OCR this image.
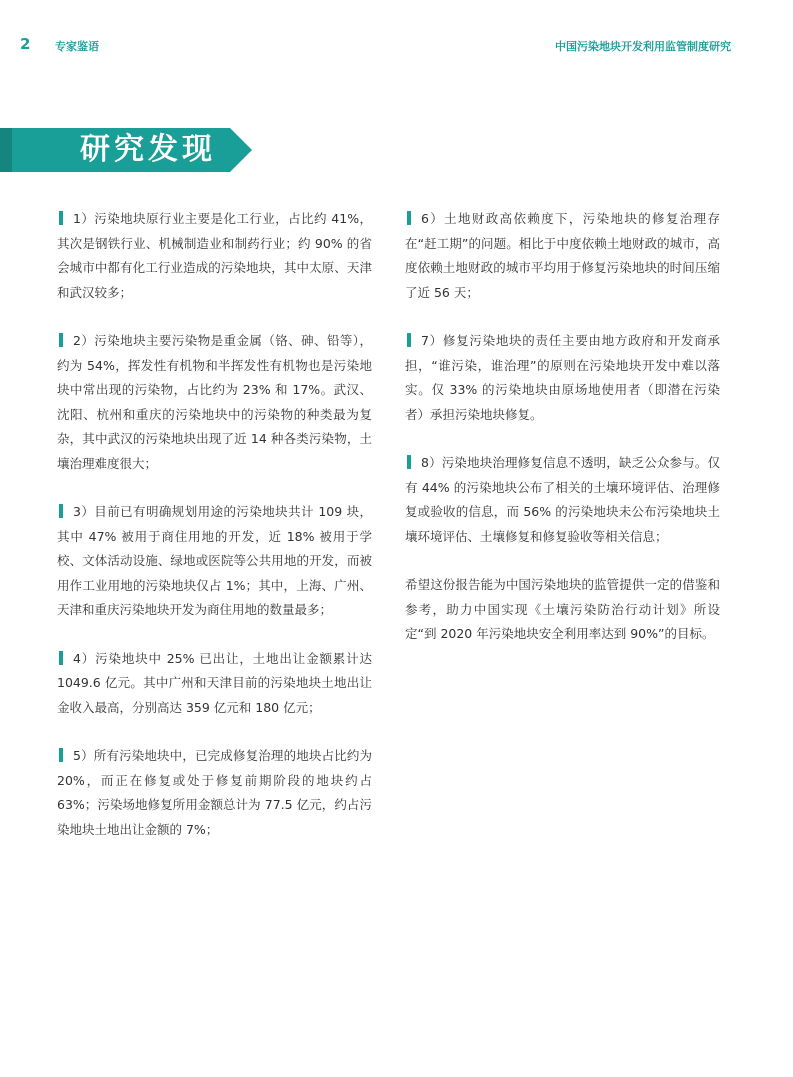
2 专家鉴语	中国污染地块开发利用监管制度研究
研究发现

1）污染地块原行业主要是化工行业，占比约 41%，其次是钢铁行业、机械制造业和制药行业；约 90% 的省会城市中都有化工行业造成的污染地块，其中太原、天津和武汉较多；

2）污染地块主要污染物是重金属（铬、砷、铅等），约为 54%，挥发性有机物和半挥发性有机物也是污染地块中常出现的污染物，占比约为 23% 和 17%。武汉、沈阳、杭州和重庆的污染地块中的污染物的种类最为复杂，其中武汉的污染地块出现了近 14 种各类污染物，土壤治理难度很大；

3）目前已有明确规划用途的污染地块共计 109 块，其中 47% 被用于商住用地的开发，近 18% 被用于学校、文体活动设施、绿地或医院等公共用地的开发，而被用作工业用地的污染地块仅占 1%；其中，上海、广州、天津和重庆污染地块开发为商住用地的数量最多；

4）污染地块中 25% 已出让，土地出让金额累计达 1049.6 亿元。其中广州和天津目前的污染地块土地出让金收入最高，分别高达 359 亿元和 180 亿元；

5）所有污染地块中，已完成修复治理的地块占比约为 20%，而正在修复或处于修复前期阶段的地块约占 63%；污染场地修复所用金额总计为 77.5 亿元，约占污染地块土地出让金额的 7%；

6）土地财政高依赖度下，污染地块的修复治理存在“赶工期”的问题。相比于中度依赖土地财政的城市，高度依赖土地财政的城市平均用于修复污染地块的时间压缩了近 56 天；

7）修复污染地块的责任主要由地方政府和开发商承担，“谁污染，谁治理”的原则在污染地块开发中难以落实。仅 33% 的污染地块由原场地使用者（即潜在污染者）承担污染地块修复。

8）污染地块治理修复信息不透明，缺乏公众参与。仅有 44% 的污染地块公布了相关的土壤环境评估、治理修复或验收的信息，而 56% 的污染地块未公布污染地块土壤环境评估、土壤修复和修复验收等相关信息；

希望这份报告能为中国污染地块的监管提供一定的借鉴和参考，助力中国实现《土壤污染防治行动计划》所设定“到 2020 年污染地块安全利用率达到 90%”的目标。
